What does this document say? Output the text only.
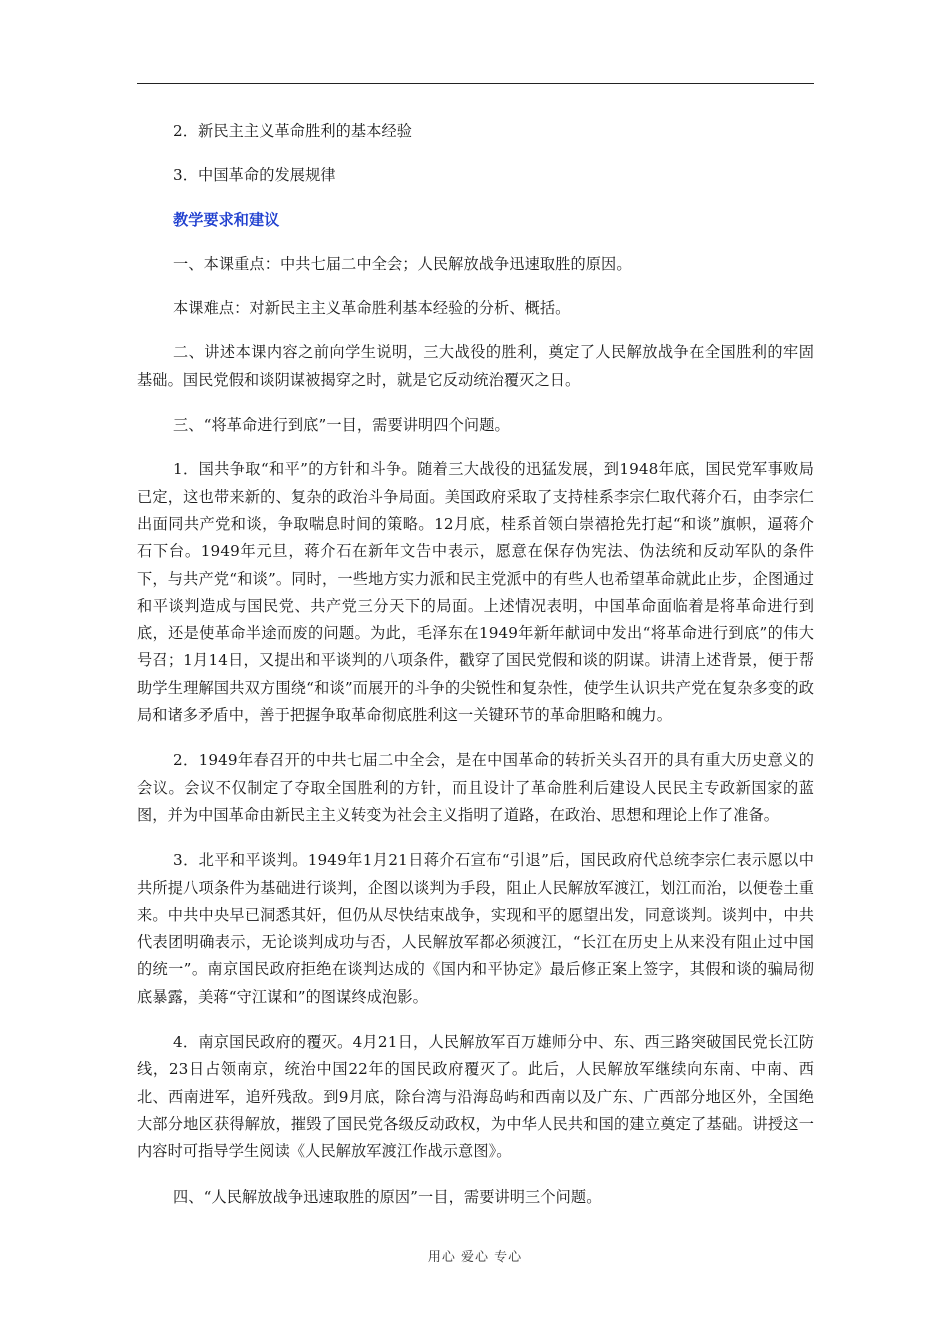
2．新民主主义革命胜利的基本经验

3．中国革命的发展规律

教学要求和建议

一、本课重点：中共七届二中全会；人民解放战争迅速取胜的原因。

本课难点：对新民主主义革命胜利基本经验的分析、概括。

二、讲述本课内容之前向学生说明，三大战役的胜利，奠定了人民解放战争在全国胜利的牢固基础。国民党假和谈阴谋被揭穿之时，就是它反动统治覆灭之日。

三、“将革命进行到底”一目，需要讲明四个问题。

1．国共争取“和平”的方针和斗争。随着三大战役的迅猛发展，到1948年底，国民党军事败局已定，这也带来新的、复杂的政治斗争局面。美国政府采取了支持桂系李宗仁取代蒋介石，由李宗仁出面同共产党和谈，争取喘息时间的策略。12月底，桂系首领白崇禧抢先打起“和谈”旗帜，逼蒋介石下台。1949年元旦，蒋介石在新年文告中表示，愿意在保存伪宪法、伪法统和反动军队的条件下，与共产党“和谈”。同时，一些地方实力派和民主党派中的有些人也希望革命就此止步，企图通过和平谈判造成与国民党、共产党三分天下的局面。上述情况表明，中国革命面临着是将革命进行到底，还是使革命半途而废的问题。为此，毛泽东在1949年新年献词中发出“将革命进行到底”的伟大号召；1月14日，又提出和平谈判的八项条件，戳穿了国民党假和谈的阴谋。讲清上述背景，便于帮助学生理解国共双方围绕“和谈”而展开的斗争的尖锐性和复杂性，使学生认识共产党在复杂多变的政局和诸多矛盾中，善于把握争取革命彻底胜利这一关键环节的革命胆略和魄力。

2．1949年春召开的中共七届二中全会，是在中国革命的转折关头召开的具有重大历史意义的会议。会议不仅制定了夺取全国胜利的方针，而且设计了革命胜利后建设人民民主专政新国家的蓝图，并为中国革命由新民主主义转变为社会主义指明了道路，在政治、思想和理论上作了准备。

3．北平和平谈判。1949年1月21日蒋介石宣布“引退”后，国民政府代总统李宗仁表示愿以中共所提八项条件为基础进行谈判，企图以谈判为手段，阻止人民解放军渡江，划江而治，以便卷土重来。中共中央早已洞悉其奸，但仍从尽快结束战争，实现和平的愿望出发，同意谈判。谈判中，中共代表团明确表示，无论谈判成功与否，人民解放军都必须渡江，“长江在历史上从来没有阻止过中国的统一”。南京国民政府拒绝在谈判达成的《国内和平协定》最后修正案上签字，其假和谈的骗局彻底暴露，美蒋“守江谋和”的图谋终成泡影。

4．南京国民政府的覆灭。4月21日，人民解放军百万雄师分中、东、西三路突破国民党长江防线，23日占领南京，统治中国22年的国民政府覆灭了。此后，人民解放军继续向东南、中南、西北、西南进军，追歼残敌。到9月底，除台湾与沿海岛屿和西南以及广东、广西部分地区外，全国绝大部分地区获得解放，摧毁了国民党各级反动政权，为中华人民共和国的建立奠定了基础。讲授这一内容时可指导学生阅读《人民解放军渡江作战示意图》。

四、“人民解放战争迅速取胜的原因”一目，需要讲明三个问题。

用心 爱心 专心
